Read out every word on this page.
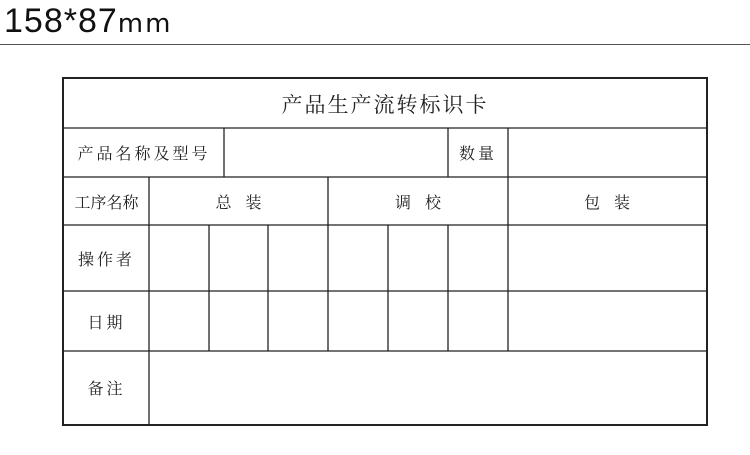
158*87mm
产品生产流转标识卡
产品名称及型号	数量
工序名称	总装	调校	包装
操作者
日期
备注
